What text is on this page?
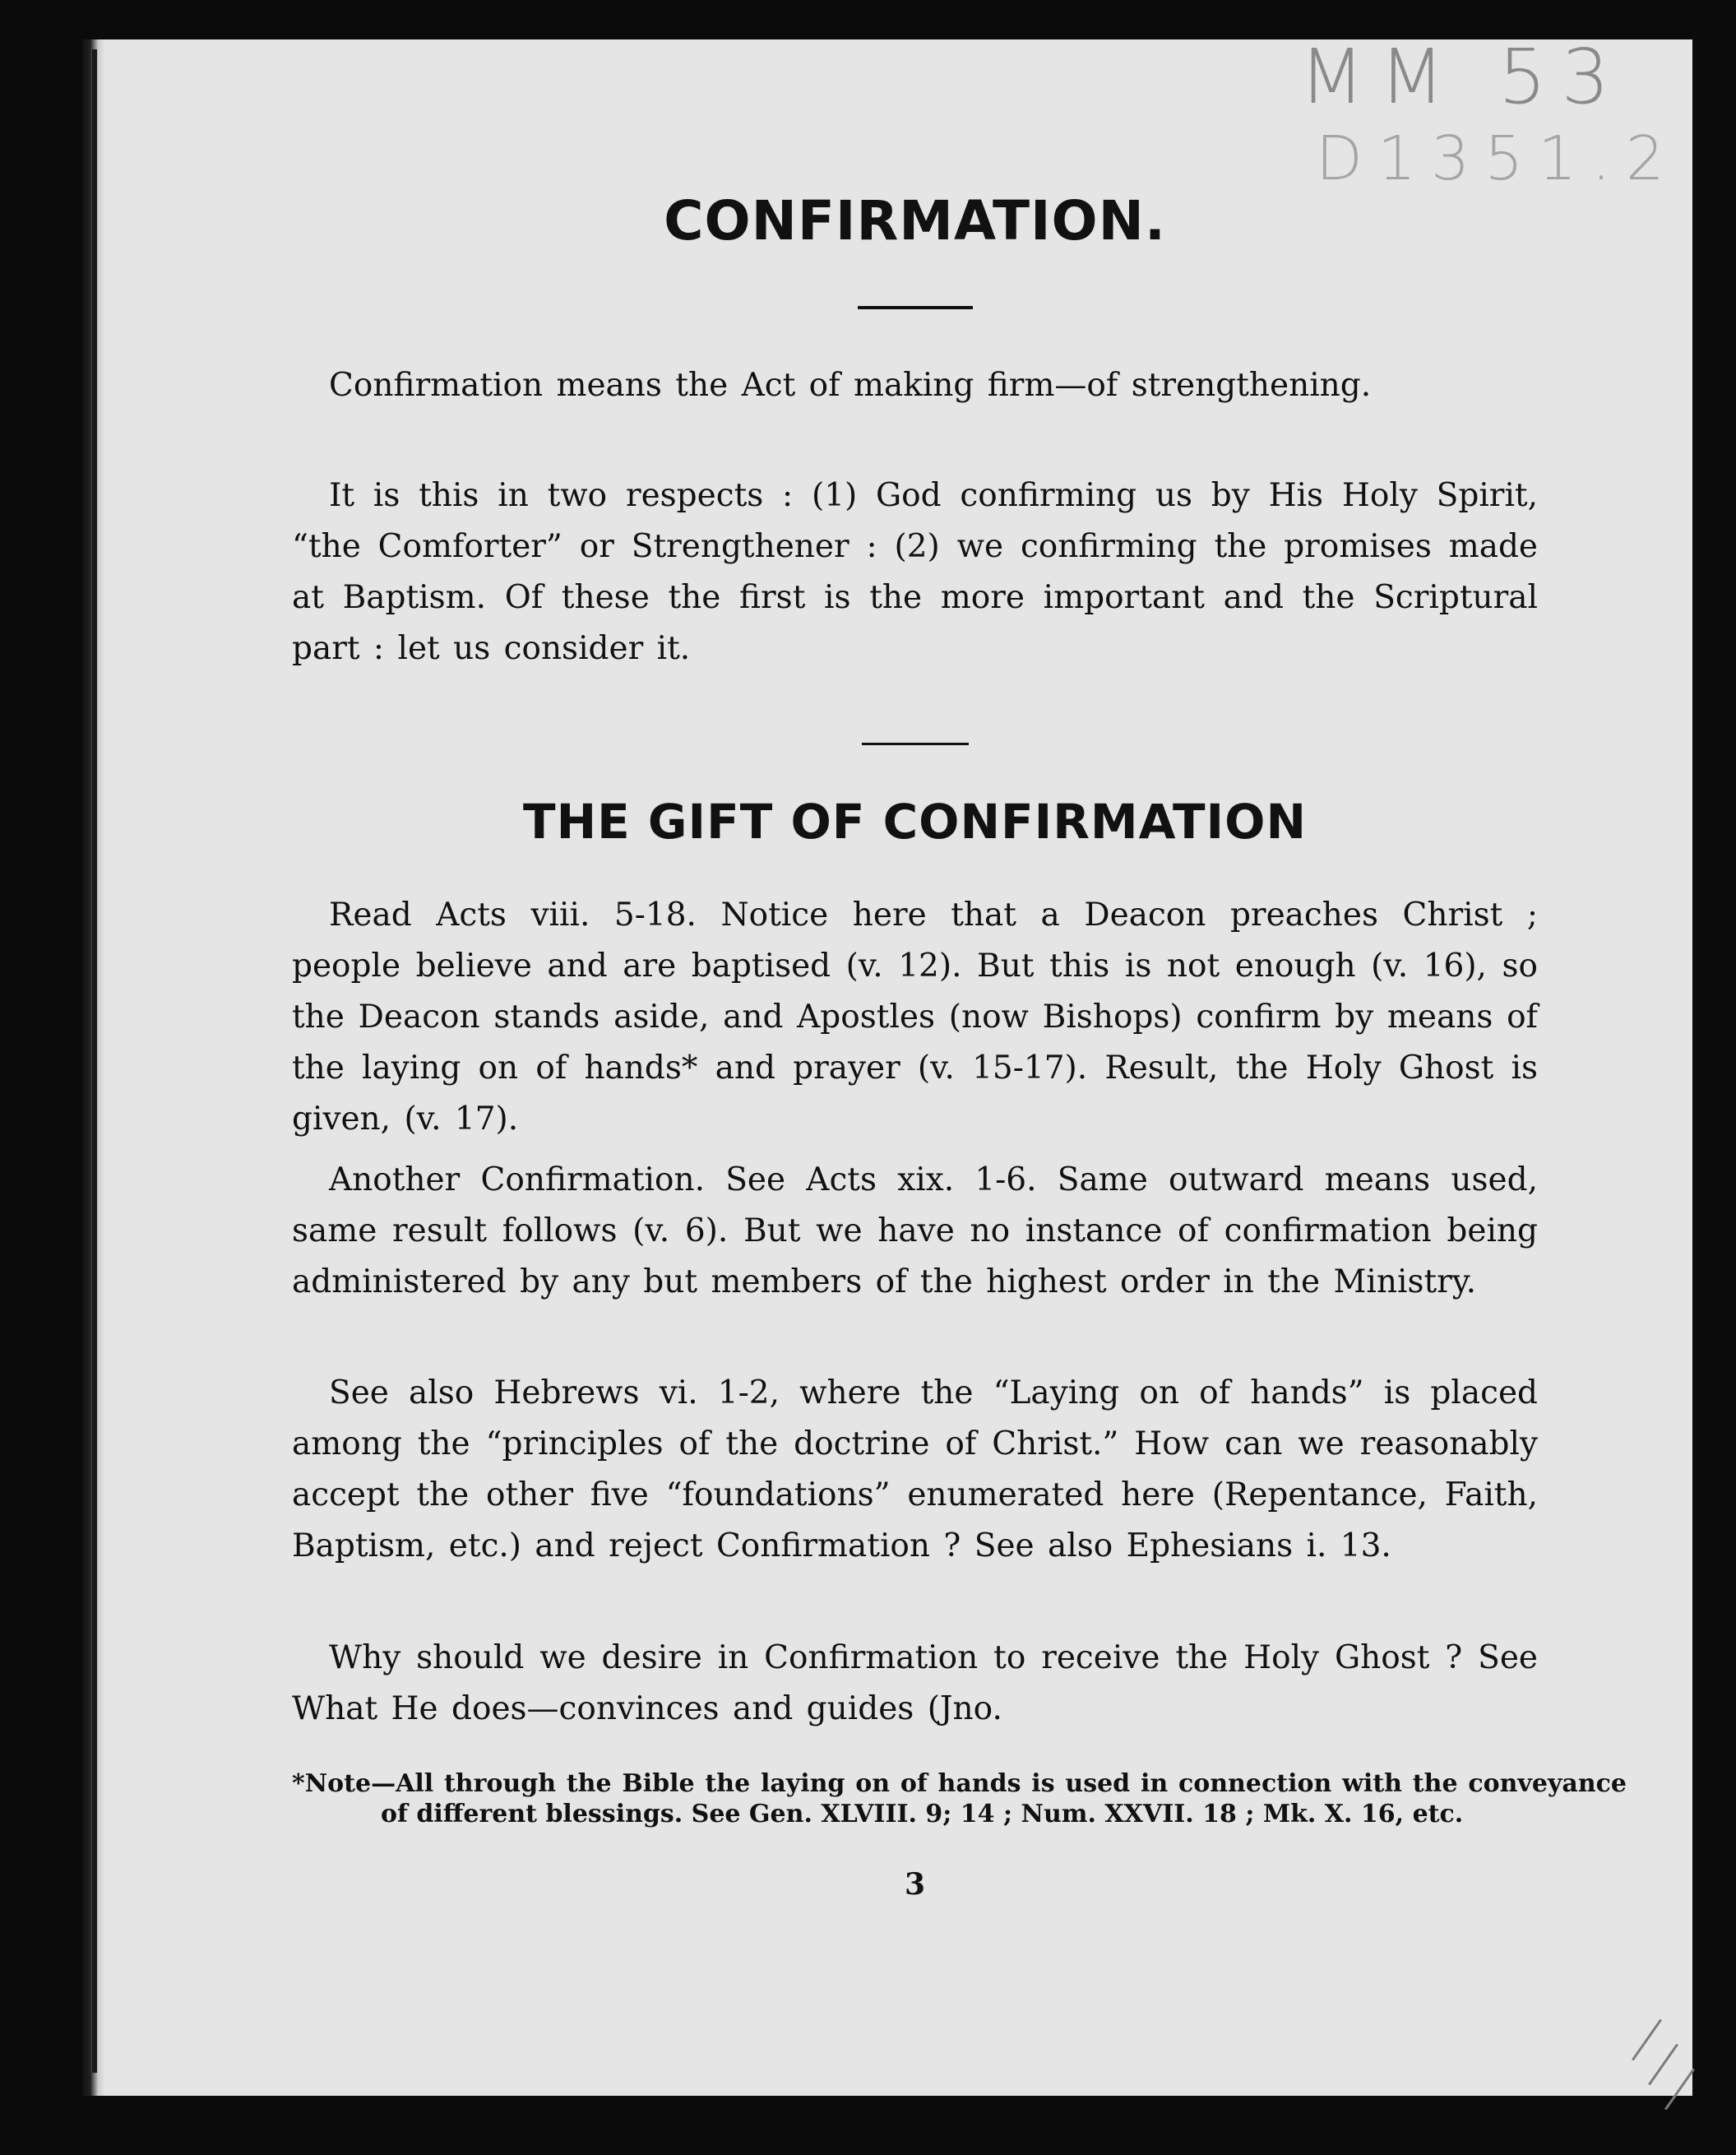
MM 53
D1351.2
CONFIRMATION.

Confirmation means the Act of making firm—of strengthening.

It is this in two respects : (1) God confirming us by His Holy Spirit, “the Comforter” or Strengthener : (2) we confirming the promises made at Baptism. Of these the first is the more important and the Scriptural part : let us consider it.

THE GIFT OF CONFIRMATION

Read Acts viii. 5-18. Notice here that a Deacon preaches Christ ; people believe and are baptised (v. 12). But this is not enough (v. 16), so the Deacon stands aside, and Apostles (now Bishops) confirm by means of the laying on of hands* and prayer (v. 15-17). Result, the Holy Ghost is given, (v. 17).

Another Confirmation. See Acts xix. 1-6. Same outward means used, same result follows (v. 6). But we have no instance of confirmation being administered by any but members of the highest order in the Ministry.

See also Hebrews vi. 1-2, where the “Laying on of hands” is placed among the “principles of the doctrine of Christ.” How can we reasonably accept the other five “foundations” enumerated here (Repentance, Faith, Baptism, etc.) and reject Confirmation ? See also Ephesians i. 13.

Why should we desire in Confirmation to receive the Holy Ghost ? See What He does—convinces and guides (Jno.

*Note—All through the Bible the laying on of hands is used in connection with the conveyance of different blessings. See Gen. XLVIII. 9; 14 ; Num. XXVII. 18 ; Mk. X. 16, etc.

3
